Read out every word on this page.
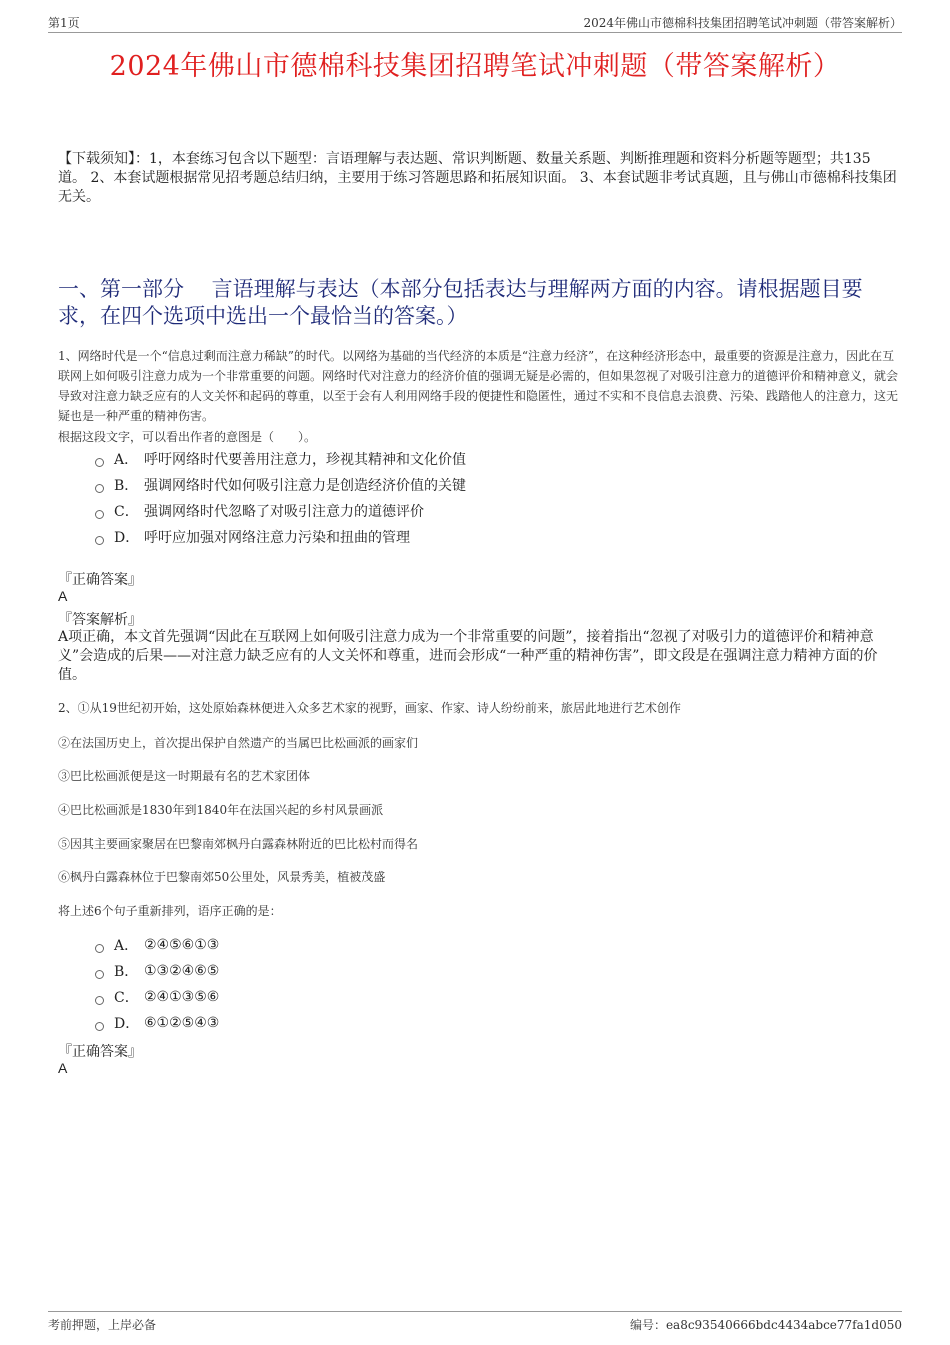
第1页	2024年佛山市德棉科技集团招聘笔试冲刺题（带答案解析）
2024年佛山市德棉科技集团招聘笔试冲刺题（带答案解析）
【下载须知】：1，本套练习包含以下题型：言语理解与表达题、常识判断题、数量关系题、判断推理题和资料分析题等题型；共135道。 2、本套试题根据常见招考题总结归纳，主要用于练习答题思路和拓展知识面。 3、本套试题非考试真题，且与佛山市德棉科技集团无关。
一、第一部分　 言语理解与表达（本部分包括表达与理解两方面的内容。请根据题目要求，在四个选项中选出一个最恰当的答案。）
1、网络时代是一个“信息过剩而注意力稀缺”的时代。以网络为基础的当代经济的本质是“注意力经济”，在这种经济形态中，最重要的资源是注意力，因此在互联网上如何吸引注意力成为一个非常重要的问题。网络时代对注意力的经济价值的强调无疑是必需的，但如果忽视了对吸引注意力的道德评价和精神意义，就会导致对注意力缺乏应有的人文关怀和起码的尊重，以至于会有人利用网络手段的便捷性和隐匿性，通过不实和不良信息去浪费、污染、践踏他人的注意力，这无疑也是一种严重的精神伤害。
根据这段文字，可以看出作者的意图是（　　）。
A． 呼吁网络时代要善用注意力，珍视其精神和文化价值
B． 强调网络时代如何吸引注意力是创造经济价值的关键
C． 强调网络时代忽略了对吸引注意力的道德评价
D． 呼吁应加强对网络注意力污染和扭曲的管理
『正确答案』
A
『答案解析』
A项正确，本文首先强调“因此在互联网上如何吸引注意力成为一个非常重要的问题”，接着指出“忽视了对吸引力的道德评价和精神意义”会造成的后果——对注意力缺乏应有的人文关怀和尊重，进而会形成“一种严重的精神伤害”，即文段是在强调注意力精神方面的价值。
2、①从19世纪初开始，这处原始森林便进入众多艺术家的视野，画家、作家、诗人纷纷前来，旅居此地进行艺术创作
②在法国历史上，首次提出保护自然遗产的当属巴比松画派的画家们
③巴比松画派便是这一时期最有名的艺术家团体
④巴比松画派是1830年到1840年在法国兴起的乡村风景画派
⑤因其主要画家聚居在巴黎南郊枫丹白露森林附近的巴比松村而得名
⑥枫丹白露森林位于巴黎南郊50公里处，风景秀美，植被茂盛
将上述6个句子重新排列，语序正确的是：
A． ②④⑤⑥①③
B． ①③②④⑥⑤
C． ②④①③⑤⑥
D． ⑥①②⑤④③
『正确答案』
A
考前押题，上岸必备	编号：ea8c93540666bdc4434abce77fa1d050
